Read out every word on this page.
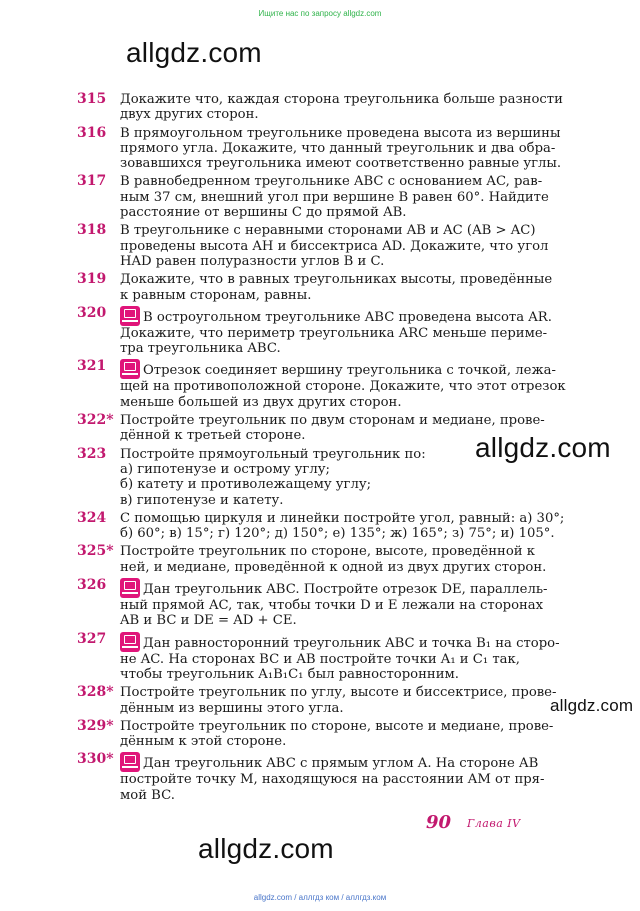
Ищите нас по запросу allgdz.com
allgdz.com
allgdz.com
allgdz.com
allgdz.com
315 Докажите что, каждая сторона треугольника больше разности
двух других сторон.
316 В прямоугольном треугольнике проведена высота из вершины
прямого угла. Докажите, что данный треугольник и два обра-
зовавшихся треугольника имеют соответственно равные углы.
317 В равнобедренном треугольнике ABC с основанием AC, рав-
ным 37 см, внешний угол при вершине B равен 60°. Найдите
расстояние от вершины C до прямой AB.
318 В треугольнике с неравными сторонами AB и AC (AB > AC)
проведены высота AH и биссектриса AD. Докажите, что угол
HAD равен полуразности углов B и C.
319 Докажите, что в равных треугольниках высоты, проведённые
к равным сторонам, равны.
320	В остроугольном треугольнике ABC проведена высота AR.
Докажите, что периметр треугольника ARC меньше перимe-
тра треугольника ABC.
321	Отрезок соединяет вершину треугольника с точкой, лежа-
щей на противоположной стороне. Докажите, что этот отрезок
меньше большей из двух других сторон.
322* Постройте треугольник по двум сторонам и медиане, прове-
дённой к третьей стороне.
323 Постройте прямоугольный треугольник по:
а) гипотенузе и острому углу;
б) катету и противолежащему углу;
в) гипотенузе и катету.
324 С помощью циркуля и линейки постройте угол, равный: а) 30°;
б) 60°; в) 15°; г) 120°; д) 150°; е) 135°; ж) 165°; з) 75°; и) 105°.
325* Постройте треугольник по стороне, высоте, проведённой к
ней, и медиане, проведённой к одной из двух других сторон.
326	Дан треугольник ABC. Постройте отрезок DE, параллель-
ный прямой AC, так, чтобы точки D и E лежали на сторонах
AB и BC и DE = AD + CE.
327	Дан равносторонний треугольник ABC и точка B₁ на сторо-
не AC. На сторонах BC и AB постройте точки A₁ и C₁ так,
чтобы треугольник A₁B₁C₁ был равносторонним.
328* Постройте треугольник по углу, высоте и биссектрисе, прове-
дённым из вершины этого угла.
329* Постройте треугольник по стороне, высоте и медиане, прове-
дённым к этой стороне.
330*	Дан треугольник ABC с прямым углом A. На стороне AB
постройте точку M, находящуюся на расстоянии AM от пря-
мой BC.
90 Глава IV
allgdz.com / аллгдз ком / аллгдз.ком
